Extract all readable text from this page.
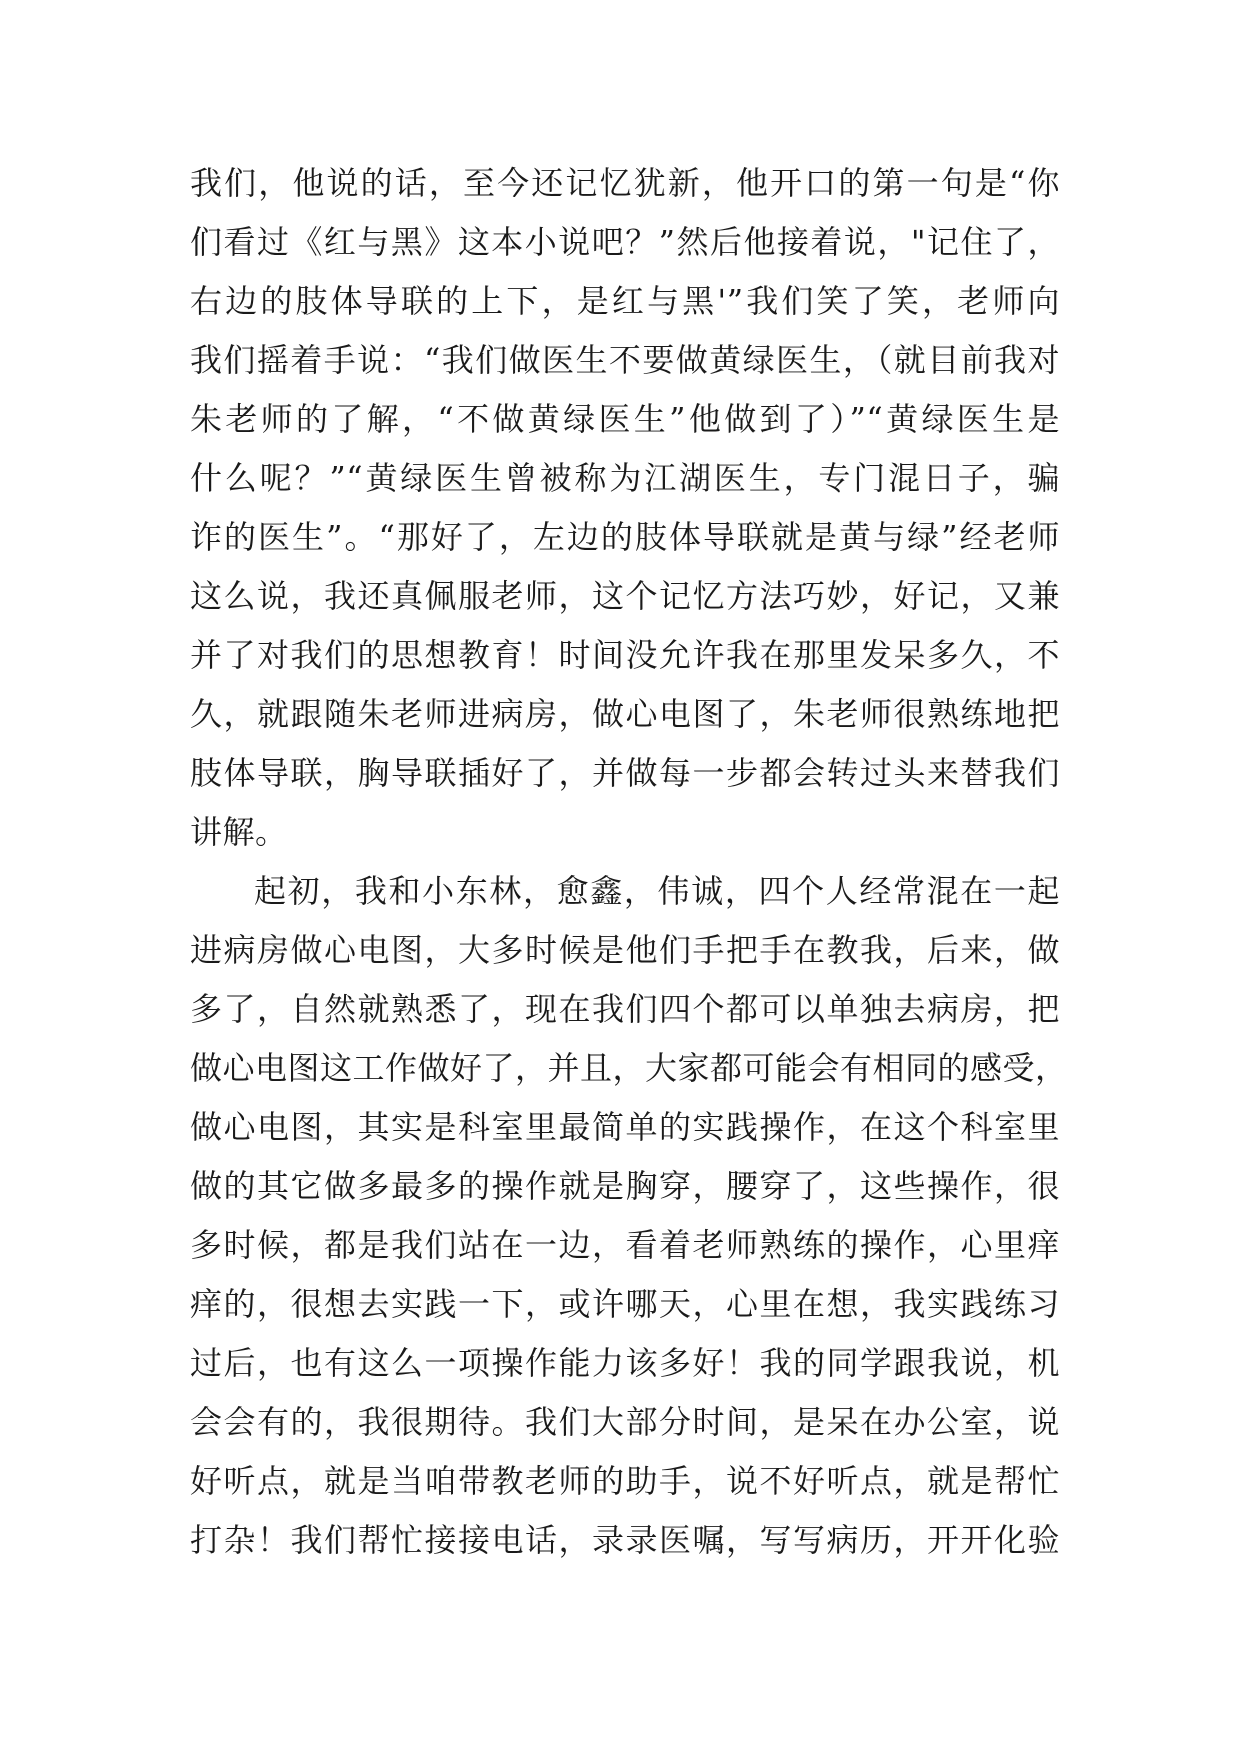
我们，他说的话，至今还记忆犹新，他开口的第一句是“你
们看过《红与黑》这本小说吧？”然后他接着说，"记住了，
右边的肢体导联的上下，是红与黑'”我们笑了笑，老师向
我们摇着手说：“我们做医生不要做黄绿医生，（就目前我对
朱老师的了解，“不做黄绿医生”他做到了）”“黄绿医生是
什么呢？”“黄绿医生曾被称为江湖医生，专门混日子，骗
诈的医生”。“那好了，左边的肢体导联就是黄与绿”经老师
这么说，我还真佩服老师，这个记忆方法巧妙，好记，又兼
并了对我们的思想教育！时间没允许我在那里发呆多久，不
久，就跟随朱老师进病房，做心电图了，朱老师很熟练地把
肢体导联，胸导联插好了，并做每一步都会转过头来替我们
讲解。
起初，我和小东林，愈鑫，伟诚，四个人经常混在一起
进病房做心电图，大多时候是他们手把手在教我，后来，做
多了，自然就熟悉了，现在我们四个都可以单独去病房，把
做心电图这工作做好了，并且，大家都可能会有相同的感受，
做心电图，其实是科室里最简单的实践操作，在这个科室里
做的其它做多最多的操作就是胸穿，腰穿了，这些操作，很
多时候，都是我们站在一边，看着老师熟练的操作，心里痒
痒的，很想去实践一下，或许哪天，心里在想，我实践练习
过后，也有这么一项操作能力该多好！我的同学跟我说，机
会会有的，我很期待。我们大部分时间，是呆在办公室，说
好听点，就是当咱带教老师的助手，说不好听点，就是帮忙
打杂！我们帮忙接接电话，录录医嘱，写写病历，开开化验
